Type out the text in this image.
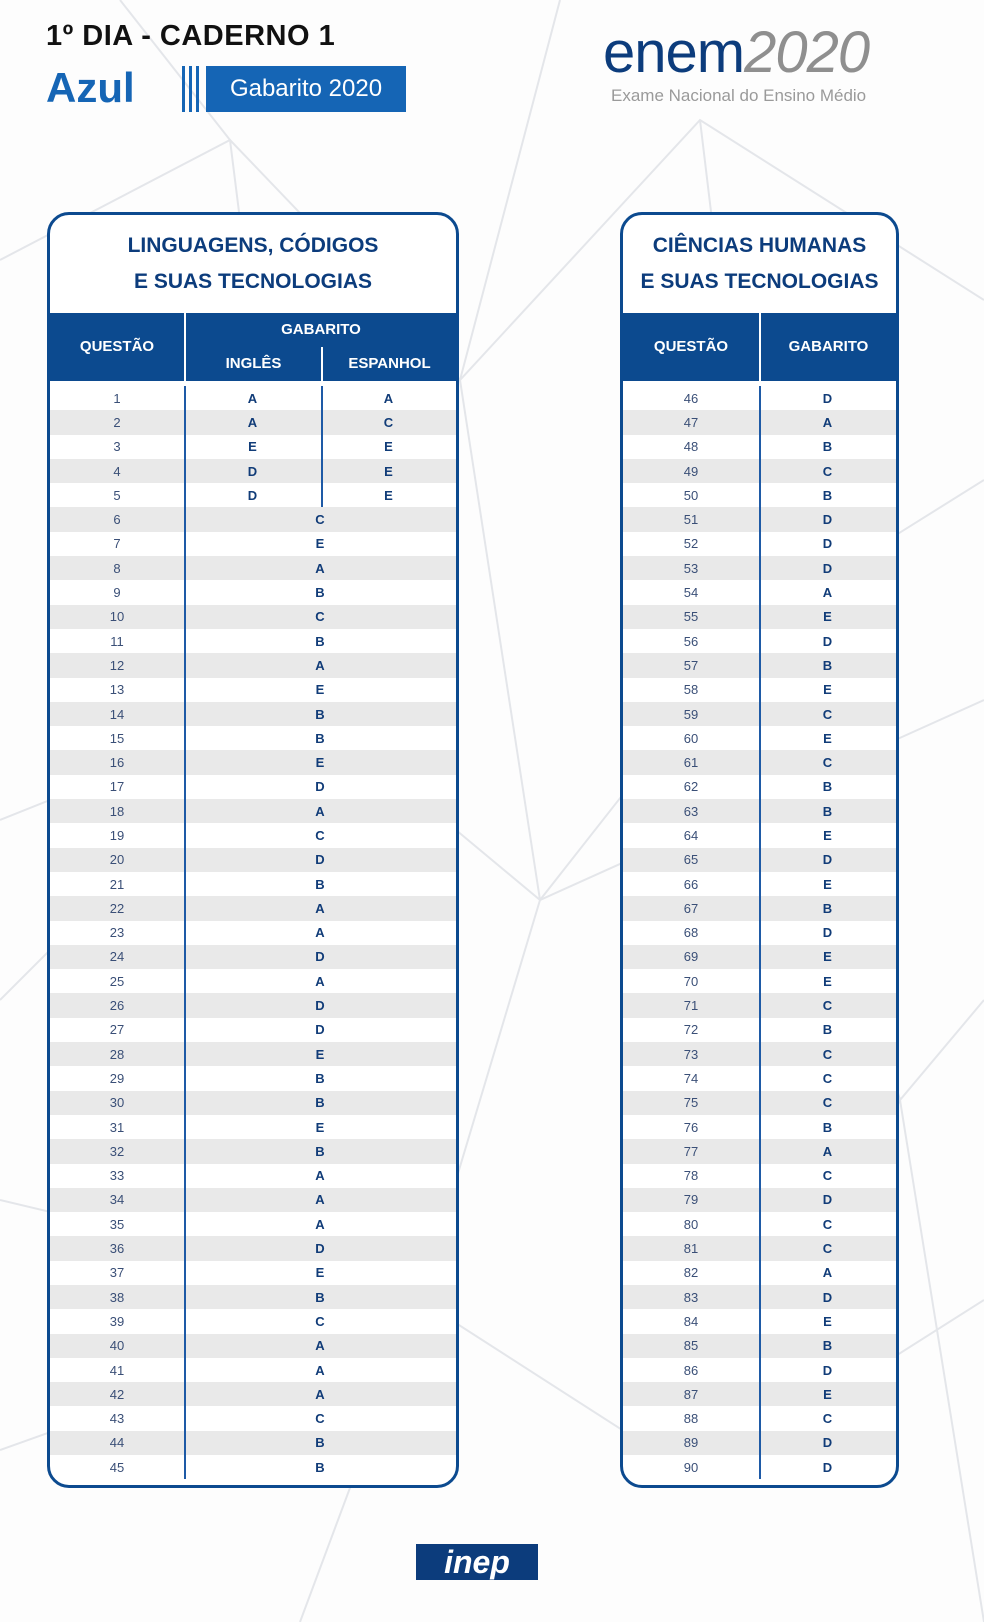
1º DIA - CADERNO 1
Azul	Gabarito 2020
enem2020
Exame Nacional do Ensino Médio
LINGUAGENS, CÓDIGOS
E SUAS TECNOLOGIAS
QUESTÃO
GABARITO
INGLÊS	ESPANHOL
1	A	A
2	A	C
3	E	E
4	D	E
5	D	E
6	C
7	E
8	A
9	B
10	C
11	B
12	A
13	E
14	B
15	B
16	E
17	D
18	A
19	C
20	D
21	B
22	A
23	A
24	D
25	A
26	D
27	D
28	E
29	B
30	B
31	E
32	B
33	A
34	A
35	A
36	D
37	E
38	B
39	C
40	A
41	A
42	A
43	C
44	B
45	B
CIÊNCIAS HUMANAS
E SUAS TECNOLOGIAS
QUESTÃO	GABARITO
46	D
47	A
48	B
49	C
50	B
51	D
52	D
53	D
54	A
55	E
56	D
57	B
58	E
59	C
60	E
61	C
62	B
63	B
64	E
65	D
66	E
67	B
68	D
69	E
70	E
71	C
72	B
73	C
74	C
75	C
76	B
77	A
78	C
79	D
80	C
81	C
82	A
83	D
84	E
85	B
86	D
87	E
88	C
89	D
90	D
inep
